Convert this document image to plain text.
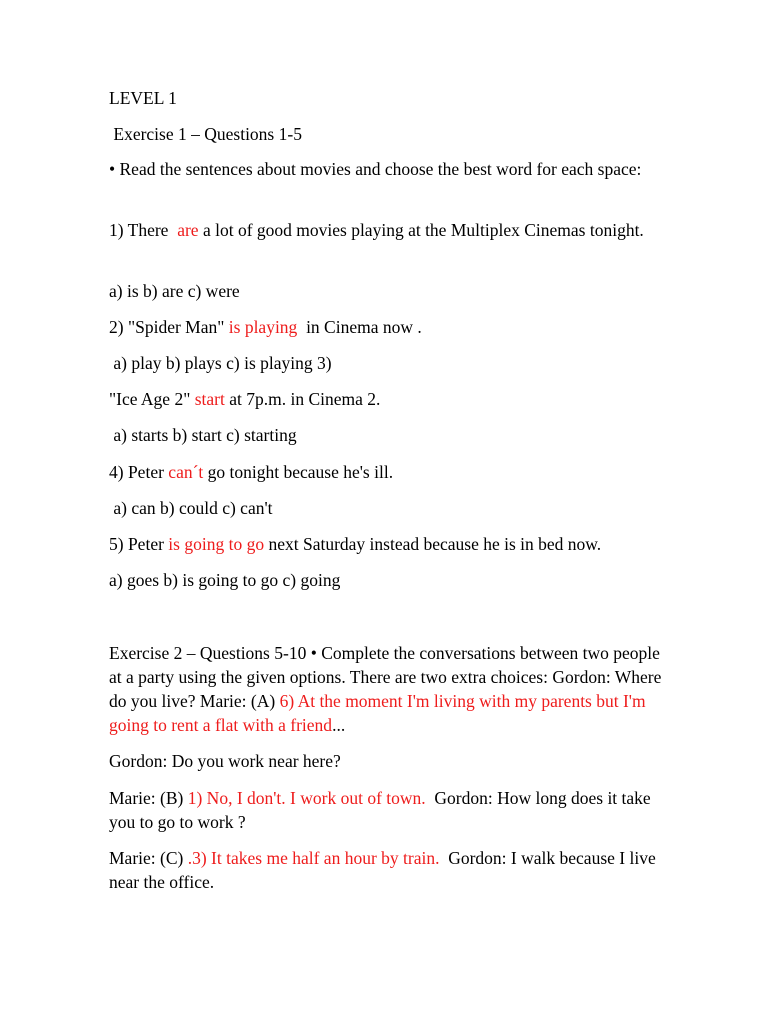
LEVEL 1

Exercise 1 – Questions 1-5

• Read the sentences about movies and choose the best word for each space:

1) There  are a lot of good movies playing at the Multiplex Cinemas tonight.

a) is b) are c) were

2) "Spider Man" is playing  in Cinema now .

a) play b) plays c) is playing 3)

"Ice Age 2" start at 7p.m. in Cinema 2.

a) starts b) start c) starting

4) Peter can´t go tonight because he's ill.

a) can b) could c) can't

5) Peter is going to go next Saturday instead because he is in bed now.

a) goes b) is going to go c) going

Exercise 2 – Questions 5-10 • Complete the conversations between two people at a party using the given options. There are two extra choices: Gordon: Where do you live? Marie: (A) 6) At the moment I'm living with my parents but I'm going to rent a flat with a friend...

Gordon: Do you work near here?

Marie: (B) 1) No, I don't. I work out of town.  Gordon: How long does it take you to go to work ?

Marie: (C) .3) It takes me half an hour by train.  Gordon: I walk because I live near the office.
